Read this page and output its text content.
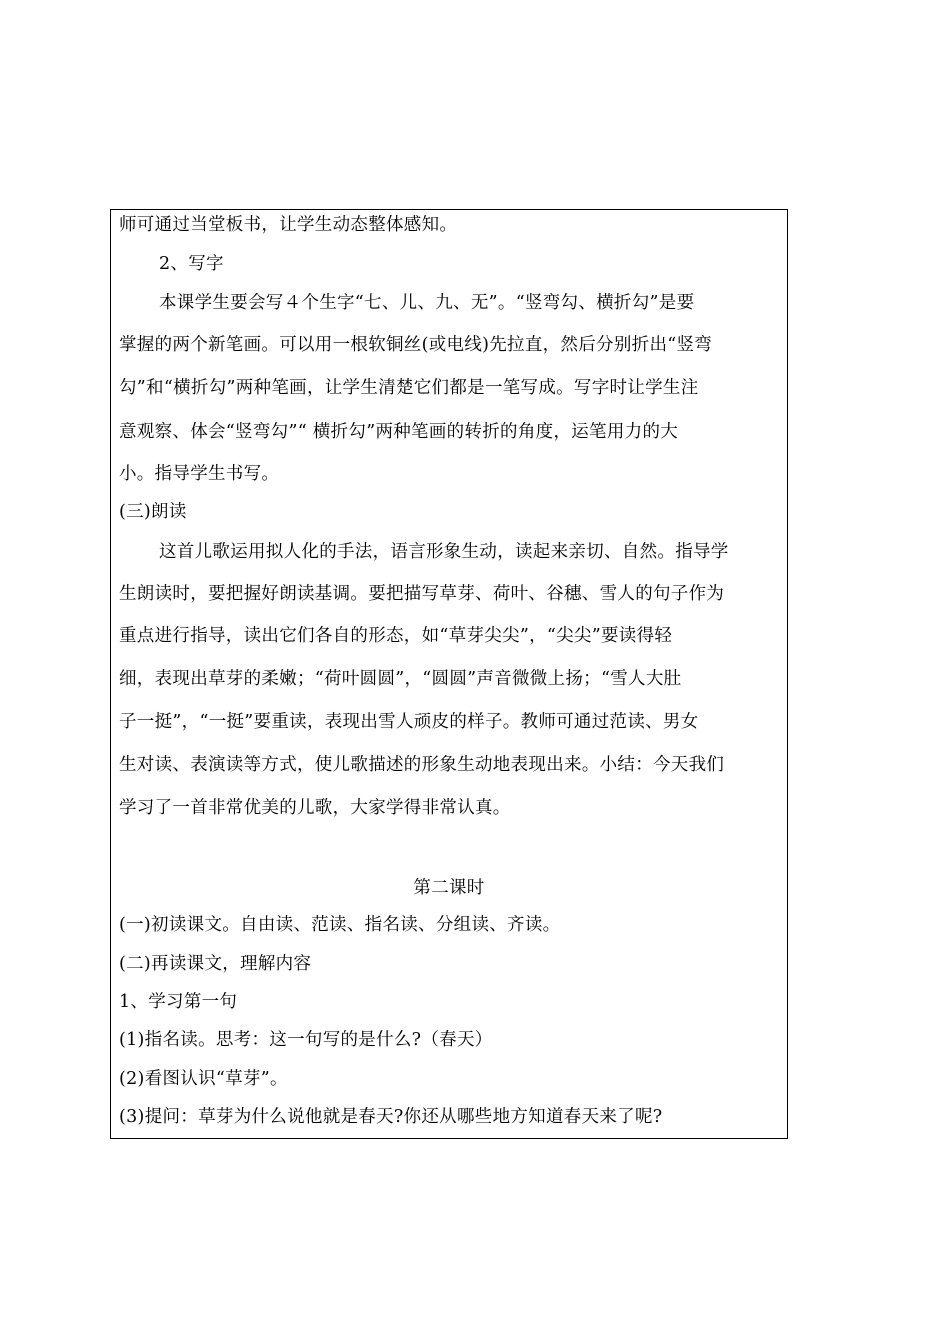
师可通过当堂板书，让学生动态整体感知。
2、写字
本课学生要会写４个生字“七、儿、九、无”。“竖弯勾、横折勾”是要
掌握的两个新笔画。可以用一根软铜丝(或电线)先拉直，然后分别折出“竖弯
勾”和“横折勾”两种笔画，让学生清楚它们都是一笔写成。写字时让学生注
意观察、体会“竖弯勾”“ 横折勾”两种笔画的转折的角度，运笔用力的大
小。指导学生书写。
(三)朗读
这首儿歌运用拟人化的手法，语言形象生动，读起来亲切、自然。指导学
生朗读时，要把握好朗读基调。要把描写草芽、荷叶、谷穗、雪人的句子作为
重点进行指导，读出它们各自的形态，如“草芽尖尖”，“尖尖”要读得轻
细，表现出草芽的柔嫩；“荷叶圆圆”，“圆圆”声音微微上扬；“雪人大肚
子一挺”，“一挺”要重读，表现出雪人顽皮的样子。教师可通过范读、男女
生对读、表演读等方式，使儿歌描述的形象生动地表现出来。小结：今天我们
学习了一首非常优美的儿歌，大家学得非常认真。
第二课时
(一)初读课文。自由读、范读、指名读、分组读、齐读。
(二)再读课文，理解内容
1、学习第一句
(1)指名读。思考：这一句写的是什么?（春天）
(2)看图认识“草芽”。
(3)提问：草芽为什么说他就是春天?你还从哪些地方知道春天来了呢?
